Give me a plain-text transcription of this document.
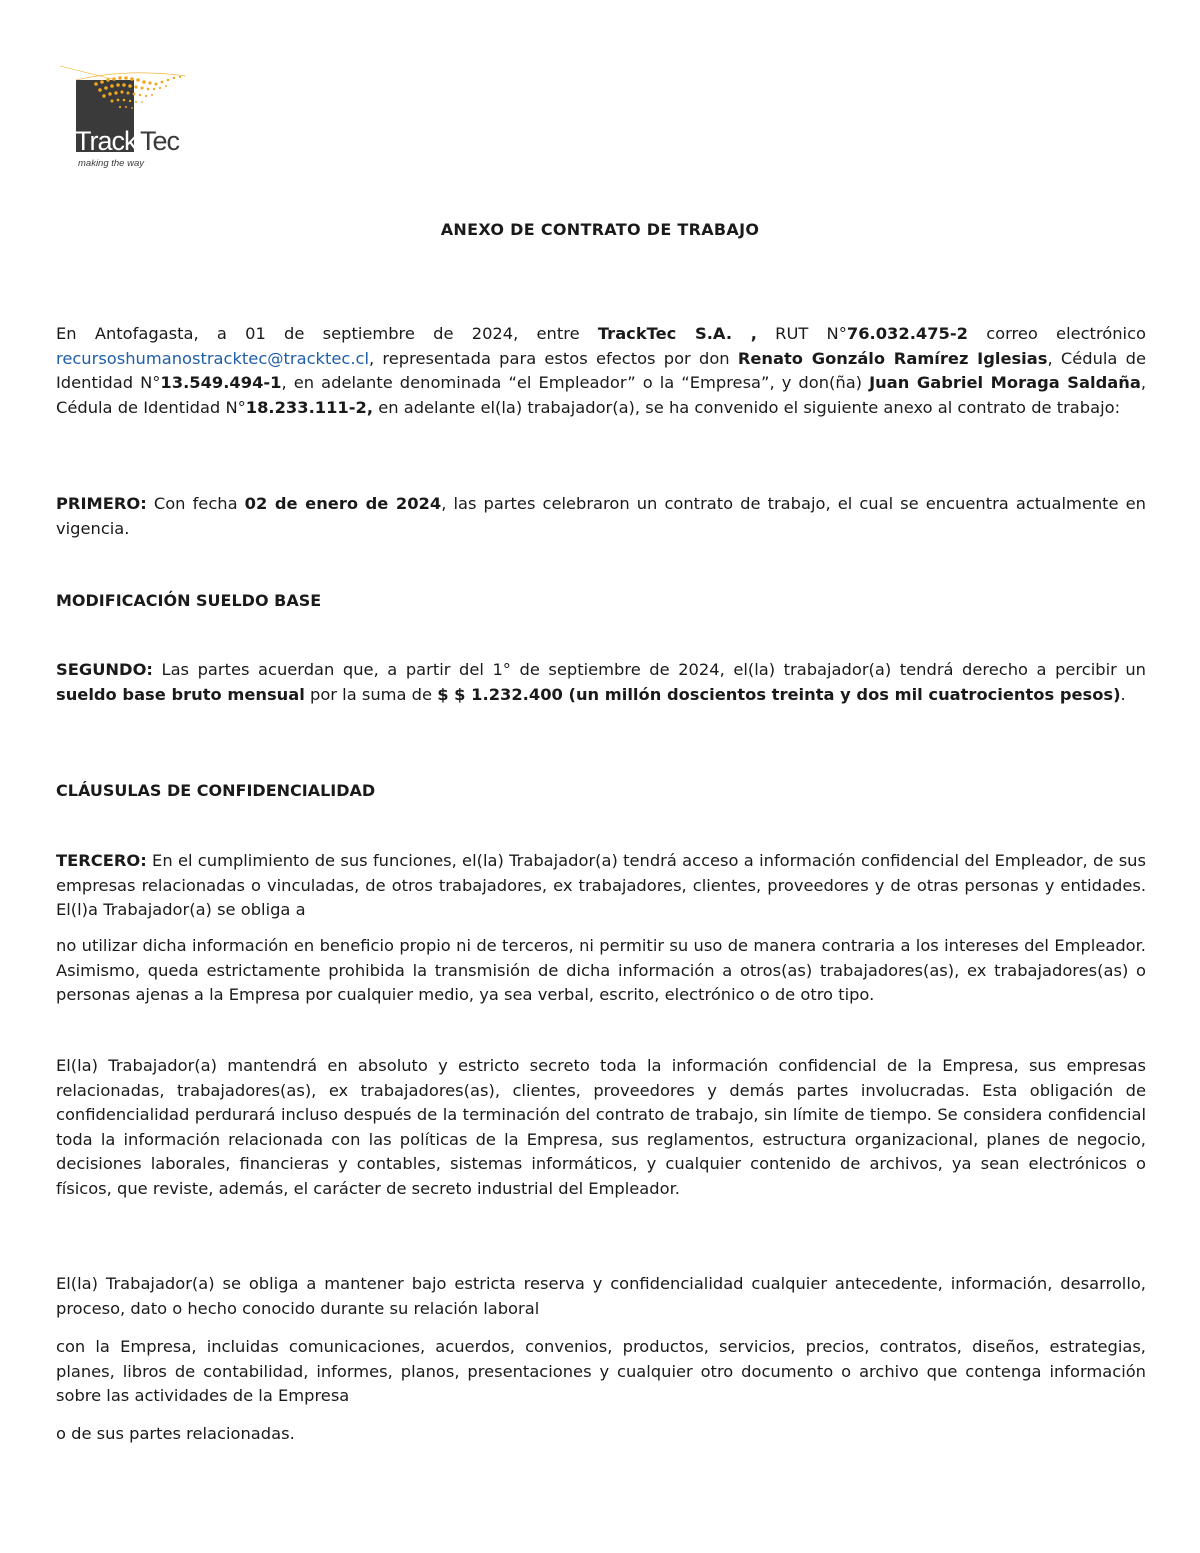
Track Tec
making the way
ANEXO DE CONTRATO DE TRABAJO
En Antofagasta, a 01 de septiembre de 2024, entre TrackTec S.A. , RUT N°76.032.475-2 correo electrónico recursoshumanostracktec@tracktec.cl, representada para estos efectos por don Renato Gonzálo Ramírez Iglesias, Cédula de Identidad N°13.549.494-1, en adelante denominada “el Empleador” o la “Empresa”, y don(ña) Juan Gabriel Moraga Saldaña, Cédula de Identidad N°18.233.111-2, en adelante el(la) trabajador(a), se ha convenido el siguiente anexo al contrato de trabajo:
PRIMERO: Con fecha 02 de enero de 2024, las partes celebraron un contrato de trabajo, el cual se encuentra actualmente en vigencia.
MODIFICACIÓN SUELDO BASE
SEGUNDO: Las partes acuerdan que, a partir del 1° de septiembre de 2024, el(la) trabajador(a) tendrá derecho a percibir un sueldo base bruto mensual por la suma de $ $ 1.232.400 (un millón doscientos treinta y dos mil cuatrocientos pesos).
CLÁUSULAS DE CONFIDENCIALIDAD
TERCERO: En el cumplimiento de sus funciones, el(la) Trabajador(a) tendrá acceso a información confidencial del Empleador, de sus empresas relacionadas o vinculadas, de otros trabajadores, ex trabajadores, clientes, proveedores y de otras personas y entidades. El(l)a Trabajador(a) se obliga a
no utilizar dicha información en beneficio propio ni de terceros, ni permitir su uso de manera contraria a los intereses del Empleador. Asimismo, queda estrictamente prohibida la transmisión de dicha información a otros(as) trabajadores(as), ex trabajadores(as) o personas ajenas a la Empresa por cualquier medio, ya sea verbal, escrito, electrónico o de otro tipo.
El(la) Trabajador(a) mantendrá en absoluto y estricto secreto toda la información confidencial de la Empresa, sus empresas relacionadas, trabajadores(as), ex trabajadores(as), clientes, proveedores y demás partes involucradas. Esta obligación de confidencialidad perdurará incluso después de la terminación del contrato de trabajo, sin límite de tiempo. Se considera confidencial toda la información relacionada con las políticas de la Empresa, sus reglamentos, estructura organizacional, planes de negocio, decisiones laborales, financieras y contables, sistemas informáticos, y cualquier contenido de archivos, ya sean electrónicos o físicos, que reviste, además, el carácter de secreto industrial del Empleador.
El(la) Trabajador(a) se obliga a mantener bajo estricta reserva y confidencialidad cualquier antecedente, información, desarrollo, proceso, dato o hecho conocido durante su relación laboral
con la Empresa, incluidas comunicaciones, acuerdos, convenios, productos, servicios, precios, contratos, diseños, estrategias, planes, libros de contabilidad, informes, planos, presentaciones y cualquier otro documento o archivo que contenga información sobre las actividades de la Empresa
o de sus partes relacionadas.
